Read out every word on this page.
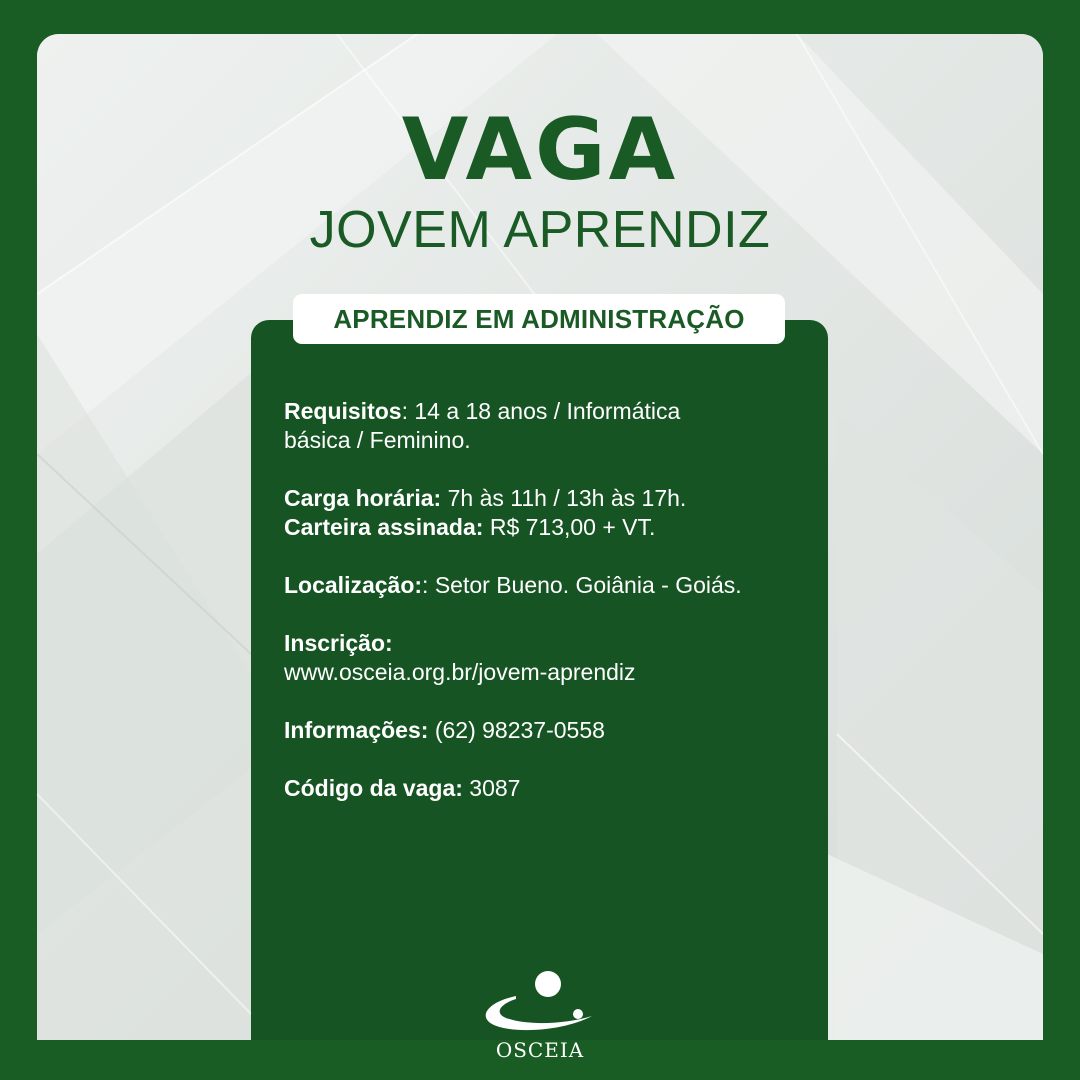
VAGA
JOVEM APRENDIZ
APRENDIZ EM ADMINISTRAÇÃO
Requisitos: 14 a 18 anos / Informática
básica / Feminino.
Carga horária: 7h às 11h / 13h às 17h.
Carteira assinada: R$ 713,00 + VT.
Localização:: Setor Bueno. Goiânia - Goiás.
Inscrição:
www.osceia.org.br/jovem-aprendiz
Informações: (62) 98237-0558
Código da vaga: 3087
OSCEIA
